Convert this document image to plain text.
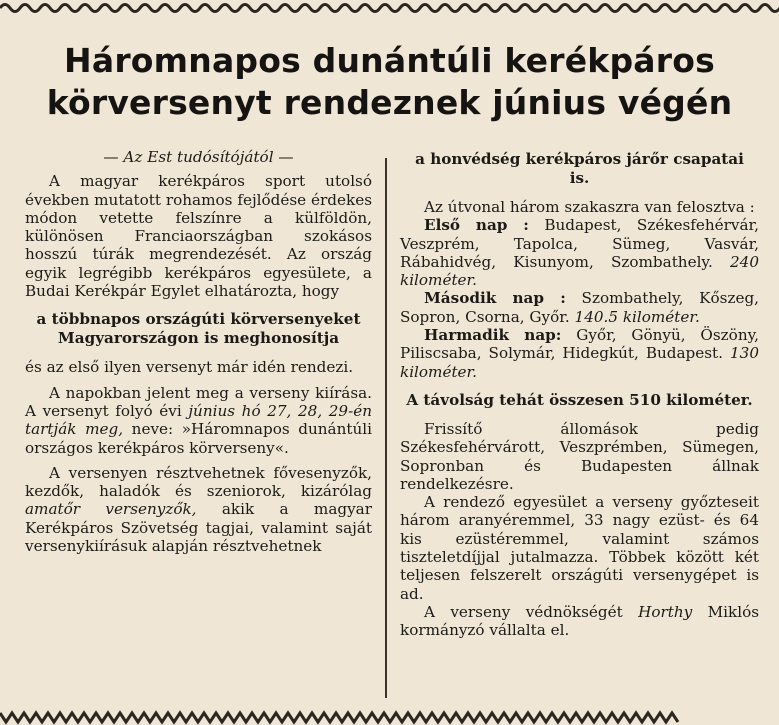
Háromnapos dunántúli kerékpáros
körversenyt rendeznek június végén

— Az Est tudósítójától —

A magyar kerékpáros sport utolsó években mutatott rohamos fejlődése érdekes módon vetette felszínre a külföldön, különösen Franciaországban szokásos hosszú túrák megrendezését. Az ország egyik legrégibb kerékpáros egyesülete, a Budai Kerékpár Egylet elhatározta, hogy

a többnapos országúti körversenyeket Magyarországon is meghonosítja

és az első ilyen versenyt már idén rendezi.

A napokban jelent meg a verseny kiírása. A versenyt folyó évi június hó 27, 28, 29-én tartják meg, neve: »Háromnapos dunántúli országos kerékpáros körverseny«.

A versenyen résztvehetnek fővesenyzők, kezdők, haladók és szeniorok, kizárólag amatőr versenyzők, akik a magyar Kerékpáros Szövetség tagjai, valamint saját versenykiírásuk alapján résztvehetnek

a honvédség kerékpáros járőr csapatai is.

Az útvonal három szakaszra van felosztva :

Első nap : Budapest, Székesfehérvár, Veszprém, Tapolca, Sümeg, Vasvár, Rábahidvég, Kisunyom, Szombathely. 240 kilométer.

Második nap : Szombathely, Kőszeg, Sopron, Csorna, Győr. 140.5 kilométer.

Harmadik nap: Győr, Gönyü, Öszöny, Piliscsaba, Solymár, Hidegkút, Budapest. 130 kilométer.

A távolság tehát összesen 510 kilométer.

Frissítő állomások pedig Székesfehérvárott, Veszprémben, Sümegen, Sopronban és Budapesten állnak rendelkezésre.

A rendező egyesület a verseny győzteseit három aranyéremmel, 33 nagy ezüst- és 64 kis ezüstéremmel, valamint számos tiszteletdíjjal jutalmazza. Többek között két teljesen felszerelt országúti versenygépet is ad.

A verseny védnökségét Horthy Miklós kormányzó vállalta el.
